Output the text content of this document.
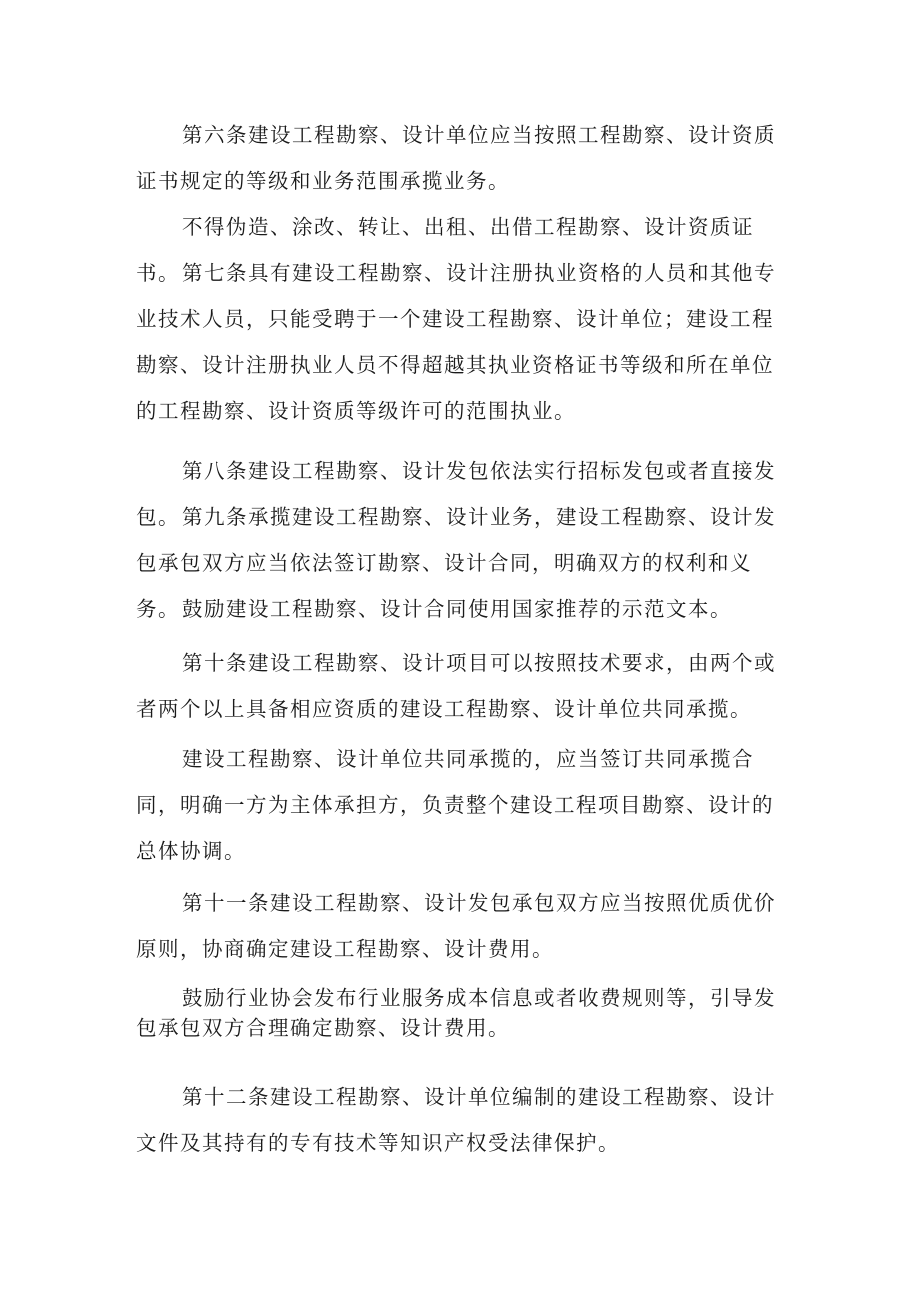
第六条建设工程勘察、设计单位应当按照工程勘察、设计资质证书规定的等级和业务范围承揽业务。

不得伪造、涂改、转让、出租、出借工程勘察、设计资质证书。 第七条具有建设工程勘察、设计注册执业资格的人员和其他专业技术人员，只能受聘于一个建设工程勘察、设计单位；建设工程勘察、设计注册执业人员不得超越其执业资格证书等级和所在单位的工程勘察、设计资质等级许可的范围执业。

第八条建设工程勘察、设计发包依法实行招标发包或者直接发包。 第九条承揽建设工程勘察、设计业务，建设工程勘察、设计发包承包双方应当依法签订勘察、设计合同，明确双方的权利和义务。 鼓励建设工程勘察、设计合同使用国家推荐的示范文本。

第十条建设工程勘察、设计项目可以按照技术要求，由两个或者两个以上具备相应资质的建设工程勘察、设计单位共同承揽。

建设工程勘察、设计单位共同承揽的，应当签订共同承揽合同，明确一方为主体承担方，负责整个建设工程项目勘察、设计的总体协调。

第十一条建设工程勘察、设计发包承包双方应当按照优质优价原则，协商确定建设工程勘察、设计费用。

鼓励行业协会发布行业服务成本信息或者收费规则等，引导发包承包双方合理确定勘察、设计费用。

第十二条建设工程勘察、设计单位编制的建设工程勘察、设计文件及其持有的专有技术等知识产权受法律保护。
